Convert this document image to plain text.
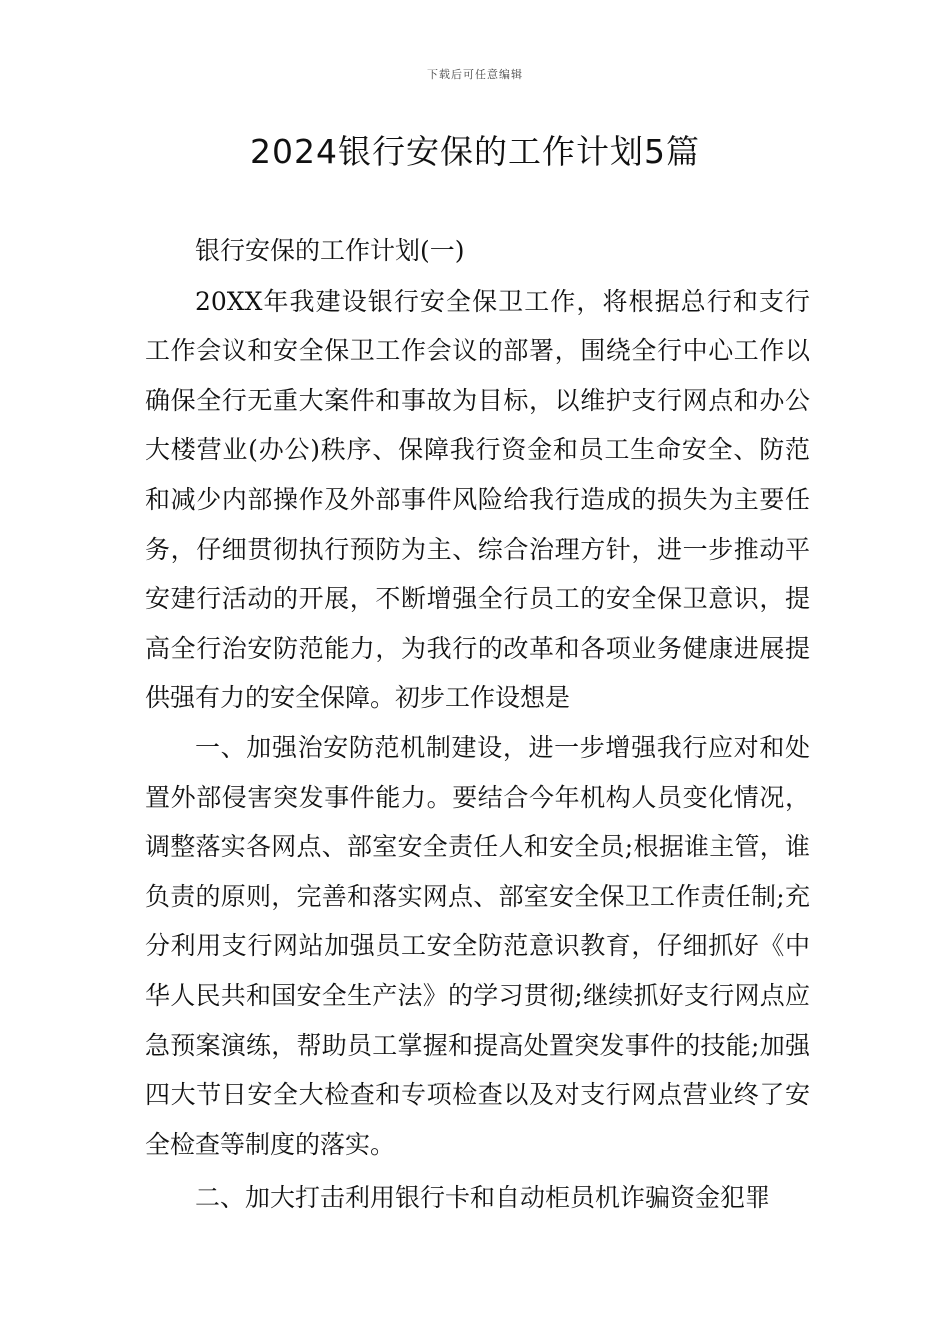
下载后可任意编辑
2024银行安保的工作计划5篇

银行安保的工作计划(一)

20XX年我建设银行安全保卫工作，将根据总行和支行工作会议和安全保卫工作会议的部署，围绕全行中心工作以确保全行无重大案件和事故为目标，以维护支行网点和办公大楼营业(办公)秩序、保障我行资金和员工生命安全、防范和减少内部操作及外部事件风险给我行造成的损失为主要任务，仔细贯彻执行预防为主、综合治理方针，进一步推动平安建行活动的开展，不断增强全行员工的安全保卫意识，提高全行治安防范能力，为我行的改革和各项业务健康进展提供强有力的安全保障。初步工作设想是

一、加强治安防范机制建设，进一步增强我行应对和处置外部侵害突发事件能力。要结合今年机构人员变化情况，调整落实各网点、部室安全责任人和安全员;根据谁主管，谁负责的原则，完善和落实网点、部室安全保卫工作责任制;充分利用支行网站加强员工安全防范意识教育，仔细抓好《中华人民共和国安全生产法》的学习贯彻;继续抓好支行网点应急预案演练，帮助员工掌握和提高处置突发事件的技能;加强四大节日安全大检查和专项检查以及对支行网点营业终了安全检查等制度的落实。

二、加大打击利用银行卡和自动柜员机诈骗资金犯罪
